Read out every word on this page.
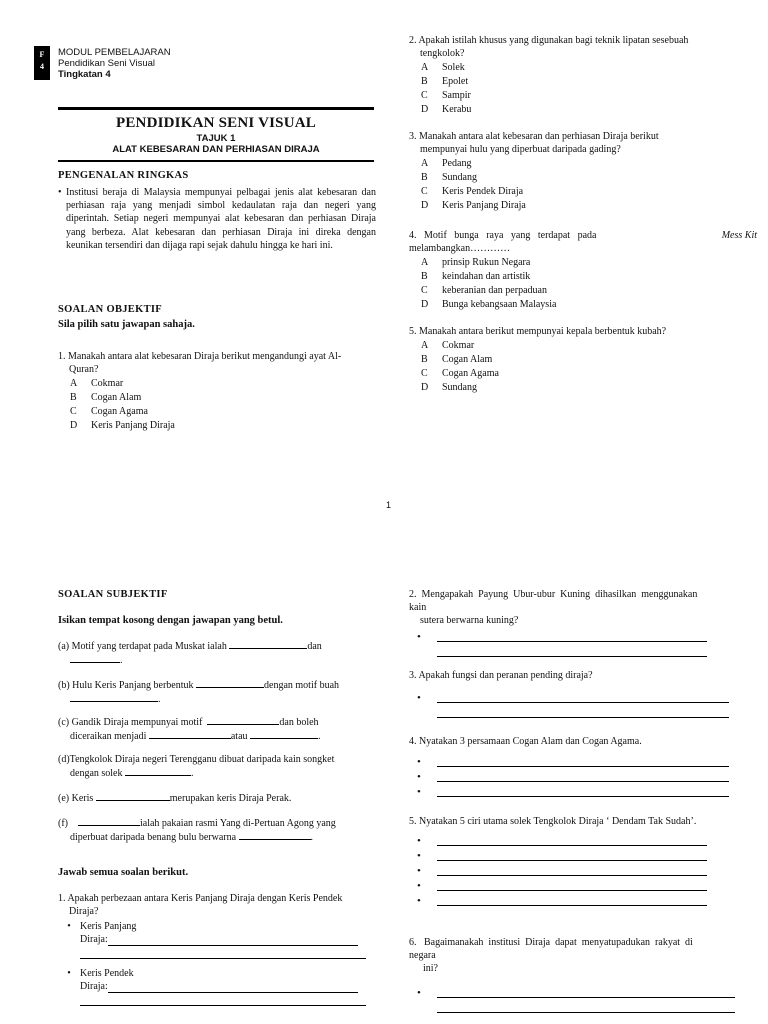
F
4
MODUL PEMBELAJARAN
Pendidikan Seni Visual
Tingkatan 4
PENDIDIKAN SENI VISUAL
TAJUK 1
ALAT KEBESARAN DAN PERHIASAN DIRAJA
PENGENALAN RINGKAS
• Institusi beraja di Malaysia mempunyai pelbagai jenis alat kebesaran dan perhiasan raja yang menjadi simbol kedaulatan raja dan negeri yang diperintah. Setiap negeri mempunyai alat kebesaran dan perhiasan Diraja yang berbeza. Alat kebesaran dan perhiasan Diraja ini direka dengan keunikan tersendiri dan dijaga rapi sejak dahulu hingga ke hari ini.
SOALAN OBJEKTIF
Sila pilih satu jawapan sahaja.
1. Manakah antara alat kebesaran Diraja berikut mengandungi ayat Al-
Quran?
A	Cokmar
B	Cogan Alam
C	Cogan Agama
D	Keris Panjang Diraja
2. Apakah istilah khusus yang digunakan bagi teknik lipatan sesebuah
tengkolok?
A	Solek
B	Epolet
C	Sampir
D	Kerabu
3. Manakah antara alat kebesaran dan perhiasan Diraja berikut
mempunyai hulu yang diperbuat daripada gading?
A	Pedang
B	Sundang
C	Keris Pendek Diraja
D	Keris Panjang Diraja
4.   Motif   bunga   raya   yang   terdapat   pada	Mess Kit
melambangkan…………
A	prinsip Rukun Negara
B	keindahan dan artistik
C	keberanian dan perpaduan
D	Bunga kebangsaan Malaysia
5. Manakah antara berikut mempunyai kepala berbentuk kubah?
A	Cokmar
B	Cogan Alam
C	Cogan Agama
D	Sundang
1
SOALAN SUBJEKTIF
Isikan tempat kosong dengan jawapan yang betul.
(a) Motif yang terdapat pada Muskat ialah	dan
.
(b) Hulu Keris Panjang berbentuk	dengan motif buah
.
(c) Gandik Diraja mempunyai motif	dan boleh
diceraikan menjadi	atau	.
(d)Tengkolok Diraja negeri Terengganu dibuat daripada kain songket
dengan solek	.
(e) Keris	merupakan keris Diraja Perak.
(f)	ialah pakaian rasmi Yang di-Pertuan Agong yang
diperbuat daripada benang bulu berwarna	.
Jawab semua soalan berikut.
1. Apakah perbezaan antara Keris Panjang Diraja dengan Keris Pendek
Diraja?
• Keris Panjang
Diraja:
• Keris Pendek
Diraja:
2.  Mengapakah  Payung  Ubur-ubur  Kuning  dihasilkan  menggunakan
kain
sutera berwarna kuning?
•
3. Apakah fungsi dan peranan pending diraja?
•
4. Nyatakan 3 persamaan Cogan Alam dan Cogan Agama.
•
•
•
5. Nyatakan 5 ciri utama solek Tengkolok Diraja ‘ Dendam Tak Sudah’.
•
•
•
•
•
6.   Bagaimanakah  institusi  Diraja  dapat  menyatupadukan  rakyat  di
negara
ini?
•
